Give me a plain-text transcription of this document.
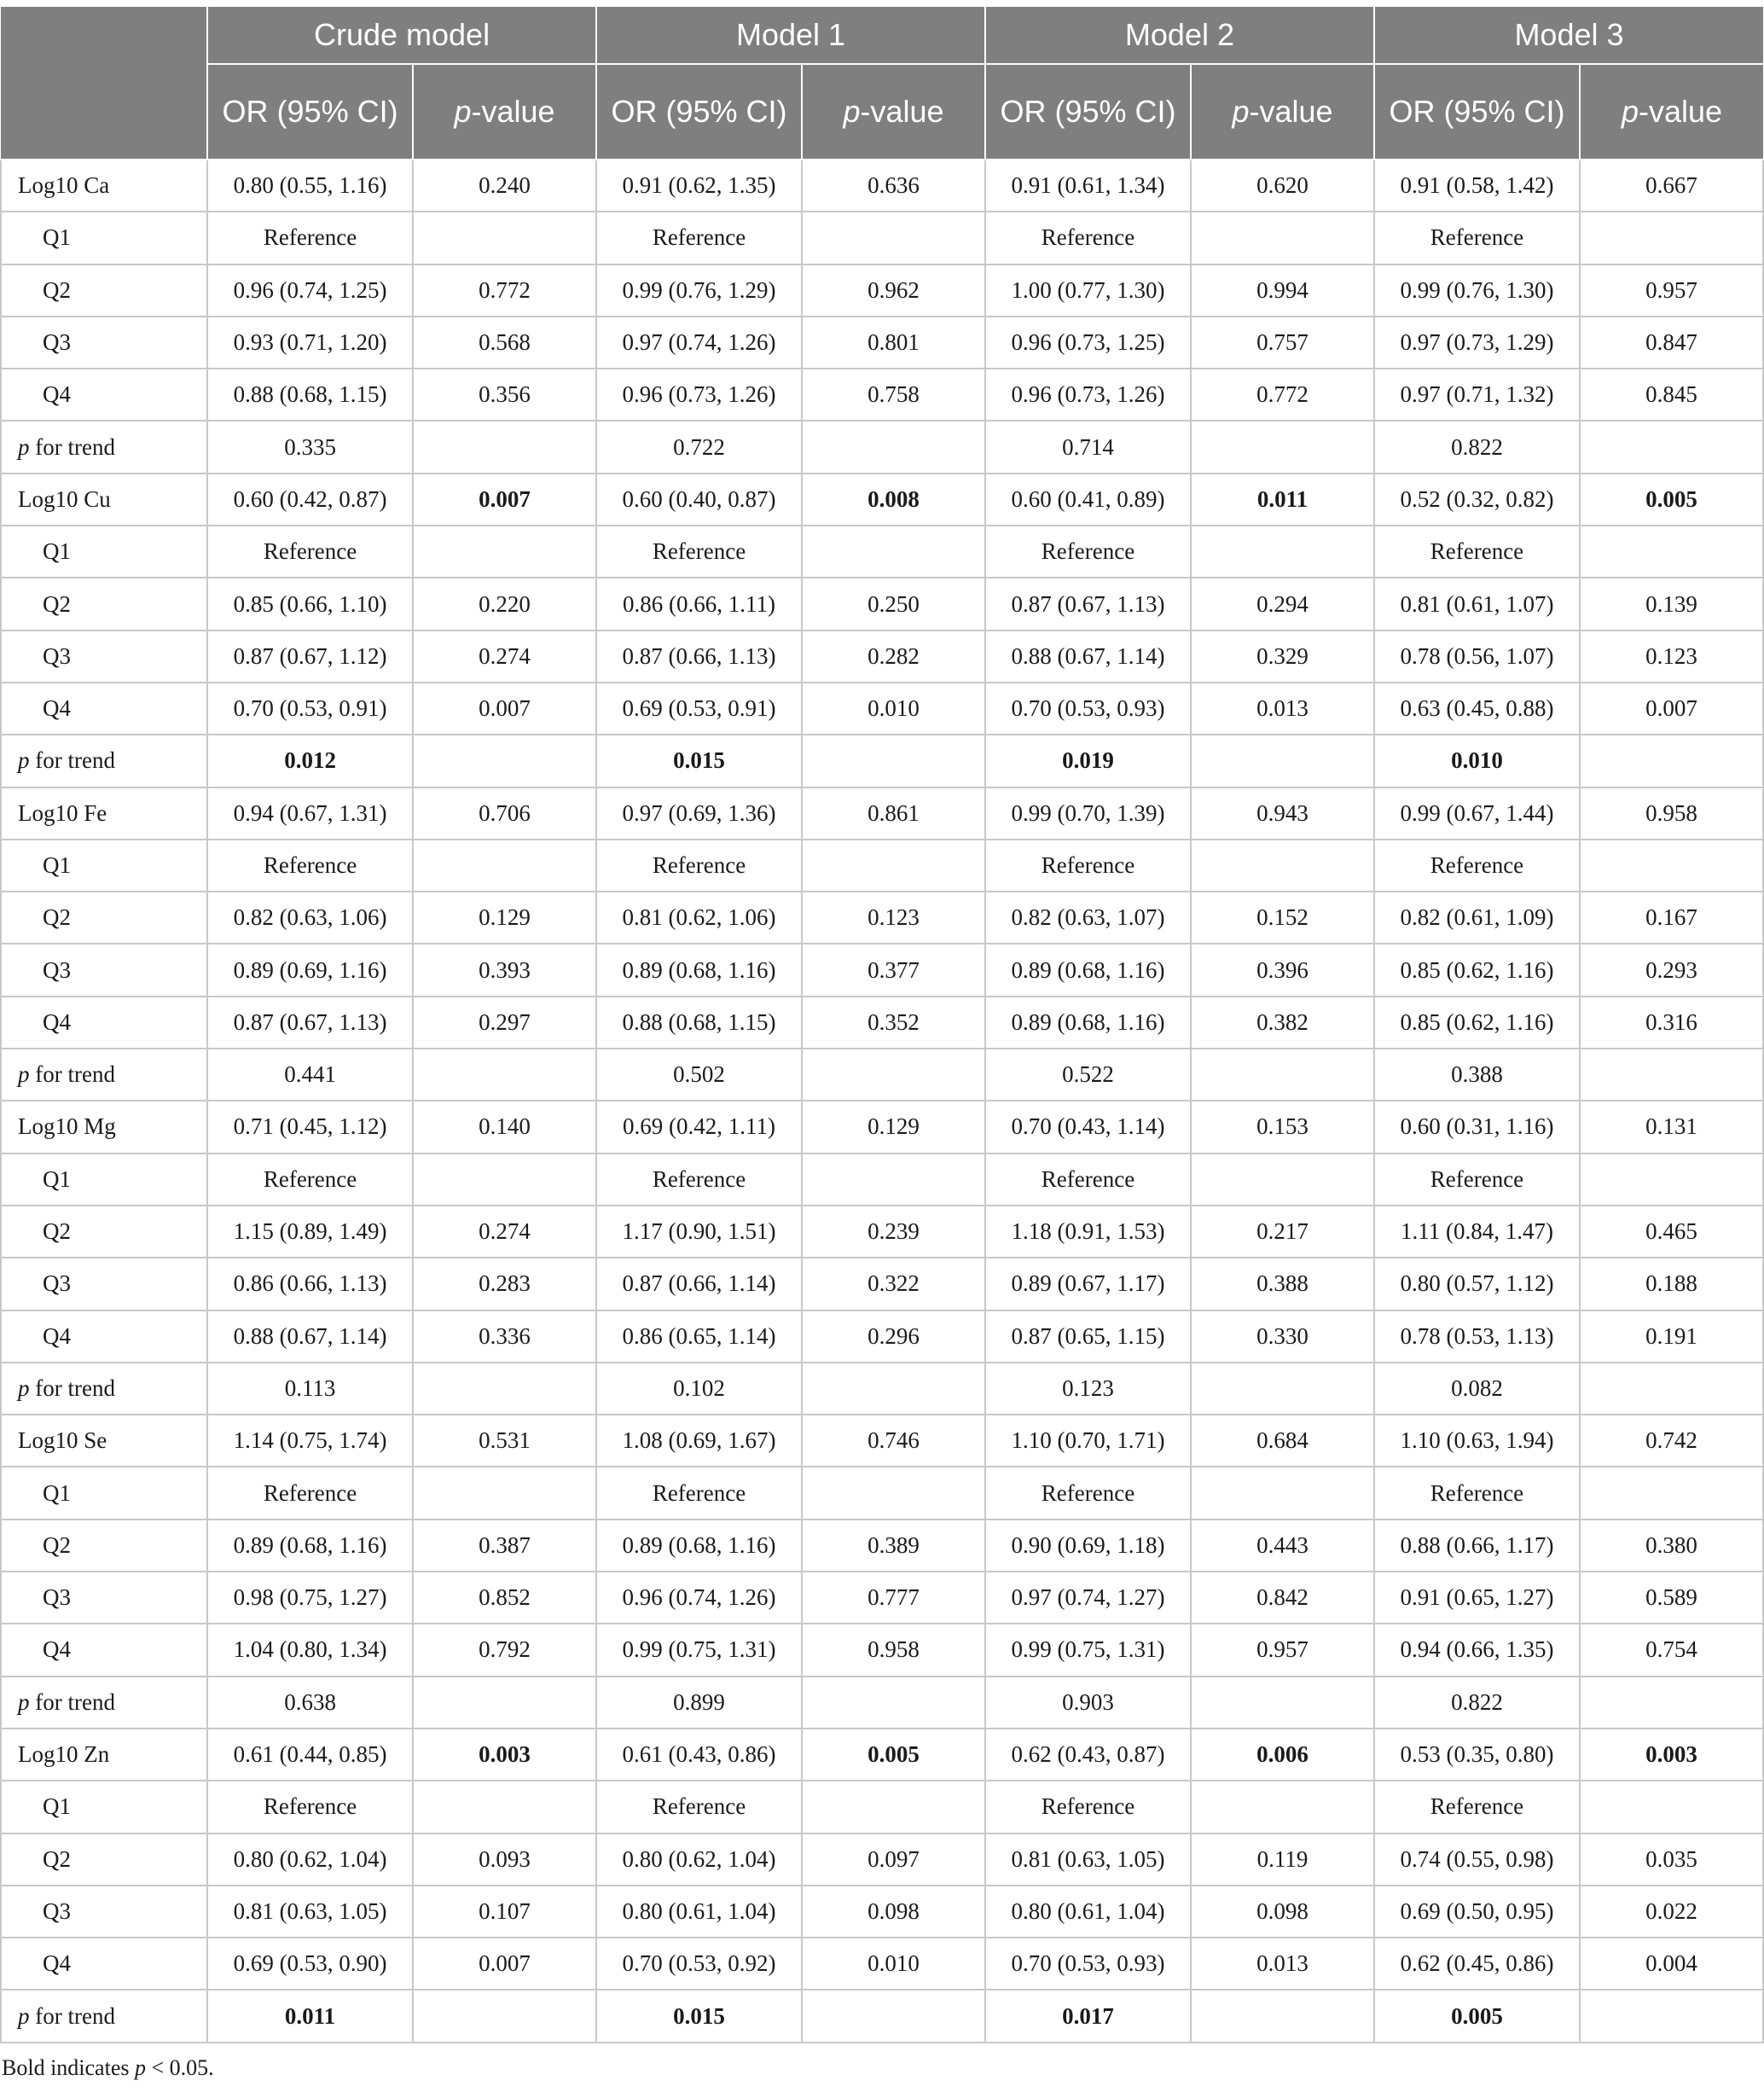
	Crude model		Model 1		Model 2		Model 3	
	OR (95% CI)	p-value	OR (95% CI)	p-value	OR (95% CI)	p-value	OR (95% CI)	p-value
Log10 Ca	0.80 (0.55, 1.16)	0.240	0.91 (0.62, 1.35)	0.636	0.91 (0.61, 1.34)	0.620	0.91 (0.58, 1.42)	0.667
Q1	Reference		Reference		Reference		Reference	
Q2	0.96 (0.74, 1.25)	0.772	0.99 (0.76, 1.29)	0.962	1.00 (0.77, 1.30)	0.994	0.99 (0.76, 1.30)	0.957
Q3	0.93 (0.71, 1.20)	0.568	0.97 (0.74, 1.26)	0.801	0.96 (0.73, 1.25)	0.757	0.97 (0.73, 1.29)	0.847
Q4	0.88 (0.68, 1.15)	0.356	0.96 (0.73, 1.26)	0.758	0.96 (0.73, 1.26)	0.772	0.97 (0.71, 1.32)	0.845
p for trend	0.335		0.722		0.714		0.822	
Log10 Cu	0.60 (0.42, 0.87)	0.007	0.60 (0.40, 0.87)	0.008	0.60 (0.41, 0.89)	0.011	0.52 (0.32, 0.82)	0.005
Q1	Reference		Reference		Reference		Reference	
Q2	0.85 (0.66, 1.10)	0.220	0.86 (0.66, 1.11)	0.250	0.87 (0.67, 1.13)	0.294	0.81 (0.61, 1.07)	0.139
Q3	0.87 (0.67, 1.12)	0.274	0.87 (0.66, 1.13)	0.282	0.88 (0.67, 1.14)	0.329	0.78 (0.56, 1.07)	0.123
Q4	0.70 (0.53, 0.91)	0.007	0.69 (0.53, 0.91)	0.010	0.70 (0.53, 0.93)	0.013	0.63 (0.45, 0.88)	0.007
p for trend	0.012		0.015		0.019		0.010	
Log10 Fe	0.94 (0.67, 1.31)	0.706	0.97 (0.69, 1.36)	0.861	0.99 (0.70, 1.39)	0.943	0.99 (0.67, 1.44)	0.958
Q1	Reference		Reference		Reference		Reference	
Q2	0.82 (0.63, 1.06)	0.129	0.81 (0.62, 1.06)	0.123	0.82 (0.63, 1.07)	0.152	0.82 (0.61, 1.09)	0.167
Q3	0.89 (0.69, 1.16)	0.393	0.89 (0.68, 1.16)	0.377	0.89 (0.68, 1.16)	0.396	0.85 (0.62, 1.16)	0.293
Q4	0.87 (0.67, 1.13)	0.297	0.88 (0.68, 1.15)	0.352	0.89 (0.68, 1.16)	0.382	0.85 (0.62, 1.16)	0.316
p for trend	0.441		0.502		0.522		0.388	
Log10 Mg	0.71 (0.45, 1.12)	0.140	0.69 (0.42, 1.11)	0.129	0.70 (0.43, 1.14)	0.153	0.60 (0.31, 1.16)	0.131
Q1	Reference		Reference		Reference		Reference	
Q2	1.15 (0.89, 1.49)	0.274	1.17 (0.90, 1.51)	0.239	1.18 (0.91, 1.53)	0.217	1.11 (0.84, 1.47)	0.465
Q3	0.86 (0.66, 1.13)	0.283	0.87 (0.66, 1.14)	0.322	0.89 (0.67, 1.17)	0.388	0.80 (0.57, 1.12)	0.188
Q4	0.88 (0.67, 1.14)	0.336	0.86 (0.65, 1.14)	0.296	0.87 (0.65, 1.15)	0.330	0.78 (0.53, 1.13)	0.191
p for trend	0.113		0.102		0.123		0.082	
Log10 Se	1.14 (0.75, 1.74)	0.531	1.08 (0.69, 1.67)	0.746	1.10 (0.70, 1.71)	0.684	1.10 (0.63, 1.94)	0.742
Q1	Reference		Reference		Reference		Reference	
Q2	0.89 (0.68, 1.16)	0.387	0.89 (0.68, 1.16)	0.389	0.90 (0.69, 1.18)	0.443	0.88 (0.66, 1.17)	0.380
Q3	0.98 (0.75, 1.27)	0.852	0.96 (0.74, 1.26)	0.777	0.97 (0.74, 1.27)	0.842	0.91 (0.65, 1.27)	0.589
Q4	1.04 (0.80, 1.34)	0.792	0.99 (0.75, 1.31)	0.958	0.99 (0.75, 1.31)	0.957	0.94 (0.66, 1.35)	0.754
p for trend	0.638		0.899		0.903		0.822	
Log10 Zn	0.61 (0.44, 0.85)	0.003	0.61 (0.43, 0.86)	0.005	0.62 (0.43, 0.87)	0.006	0.53 (0.35, 0.80)	0.003
Q1	Reference		Reference		Reference		Reference	
Q2	0.80 (0.62, 1.04)	0.093	0.80 (0.62, 1.04)	0.097	0.81 (0.63, 1.05)	0.119	0.74 (0.55, 0.98)	0.035
Q3	0.81 (0.63, 1.05)	0.107	0.80 (0.61, 1.04)	0.098	0.80 (0.61, 1.04)	0.098	0.69 (0.50, 0.95)	0.022
Q4	0.69 (0.53, 0.90)	0.007	0.70 (0.53, 0.92)	0.010	0.70 (0.53, 0.93)	0.013	0.62 (0.45, 0.86)	0.004
p for trend	0.011		0.015		0.017		0.005	
Bold indicates p < 0.05.
